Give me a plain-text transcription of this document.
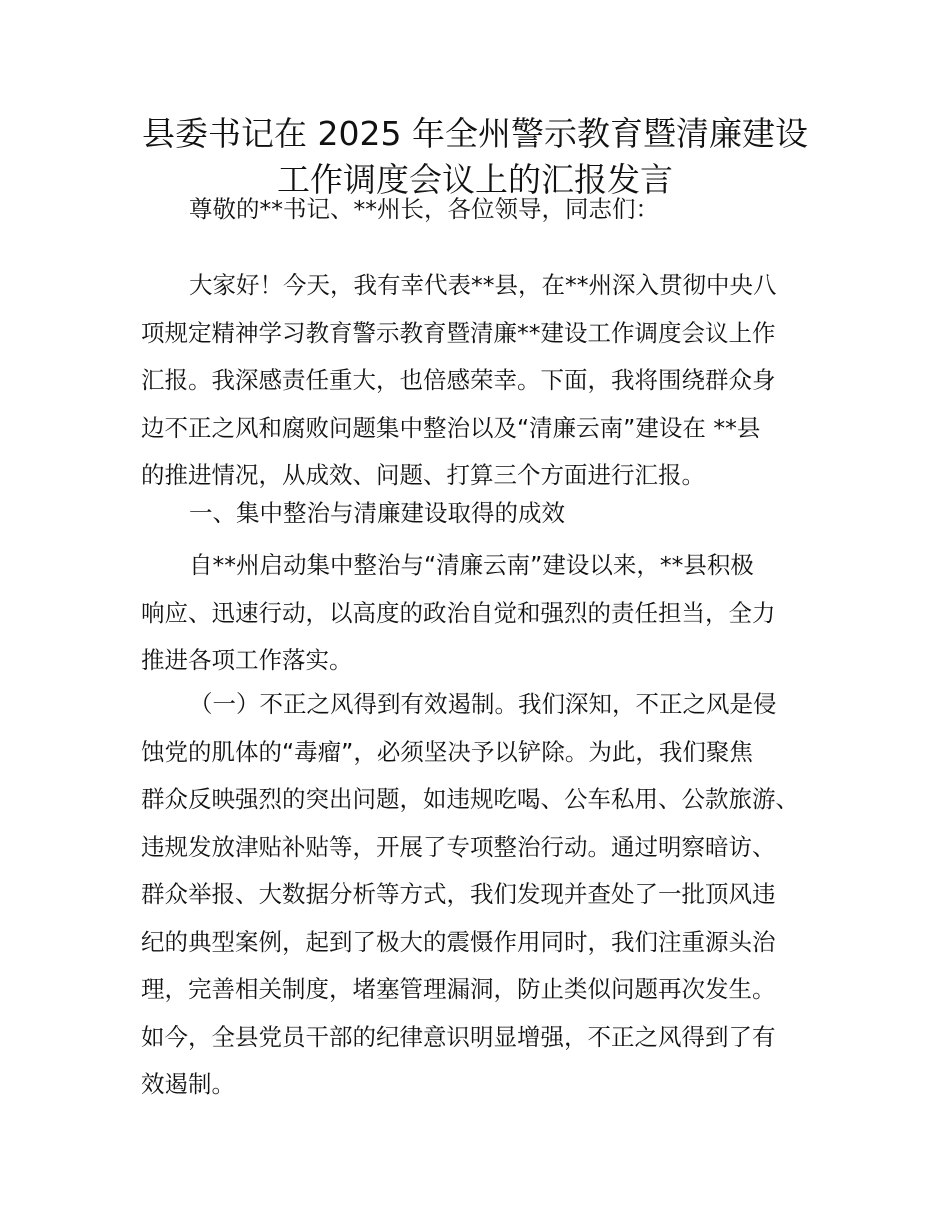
县委书记在 2025 年全州警示教育暨清廉建设
工作调度会议上的汇报发言

尊敬的**书记、**州长，各位领导，同志们：

大家好！今天，我有幸代表**县，在**州深入贯彻中央八
项规定精神学习教育警示教育暨清廉**建设工作调度会议上作
汇报。我深感责任重大，也倍感荣幸。下面，我将围绕群众身
边不正之风和腐败问题集中整治以及“清廉云南”建设在 **县
的推进情况，从成效、问题、打算三个方面进行汇报。

一、集中整治与清廉建设取得的成效

自**州启动集中整治与“清廉云南”建设以来，**县积极
响应、迅速行动，以高度的政治自觉和强烈的责任担当，全力
推进各项工作落实。

（一）不正之风得到有效遏制。我们深知，不正之风是侵
蚀党的肌体的“毒瘤”，必须坚决予以铲除。为此，我们聚焦
群众反映强烈的突出问题，如违规吃喝、公车私用、公款旅游、
违规发放津贴补贴等，开展了专项整治行动。通过明察暗访、
群众举报、大数据分析等方式，我们发现并查处了一批顶风违
纪的典型案例，起到了极大的震慑作用同时，我们注重源头治
理，完善相关制度，堵塞管理漏洞，防止类似问题再次发生。
如今，全县党员干部的纪律意识明显增强，不正之风得到了有
效遏制。
